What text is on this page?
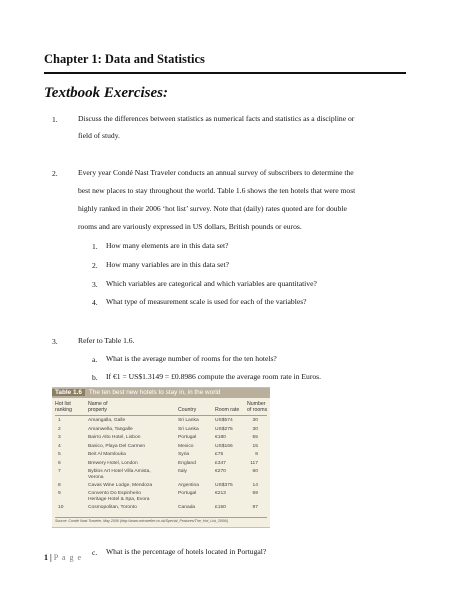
Chapter 1: Data and Statistics
Textbook Exercises:
1.	Discuss the differences between statistics as numerical facts and statistics as a discipline or
field of study.
2.	Every year Condé Nast Traveler conducts an annual survey of subscribers to determine the
best new places to stay throughout the world. Table 1.6 shows the ten hotels that were most
highly ranked in their 2006 ‘hot list’ survey. Note that (daily) rates quoted are for double
rooms and are variously expressed in US dollars, British pounds or euros.
1. How many elements are in this data set?
2. How many variables are in this data set?
3. Which variables are categorical and which variables are quantitative?
4. What type of measurement scale is used for each of the variables?
3.	Refer to Table 1.6.
a. What is the average number of rooms for the ten hotels?
b. If €1 = US$1.3149 = £0.8986 compute the average room rate in Euros.
Table 1.6 The ten best new hotels to stay in, in the world
Hot list
ranking
Name of
property	Country	Room rate
Number
of rooms
1	Amangalla, Galle	Sri Lanka	US$574	30
2	Amanwella, Tangalle	Sri Lanka	US$275	30
3	Bairro Alto Hotel, Lisbon	Portugal	€180	55
4	Basico, Playa Del Carmen	Mexico	US$166	15
5	Beit Al Mamlouka	Syria	£75	8
6	Brewery Hotel, London	England	£347	117
7	Byblos Art Hotel Villa Amista,	Italy	€270	60
Verona
8	Cavas Wine Lodge, Mendoza	Argentina	US$375	14
9	Convento Do Espinheiro	Portugal	€213	59
Heritage Hotel & Spa, Evora
10	Cosmopolitan, Toronto	Canada	£150	97
Source: Condé Nast Traveler, May 2006 (http://www.cntraveller.co.uk/Special_Features/The_Hot_List_2006/)
c. What is the percentage of hotels located in Portugal?
1 | P a g e
